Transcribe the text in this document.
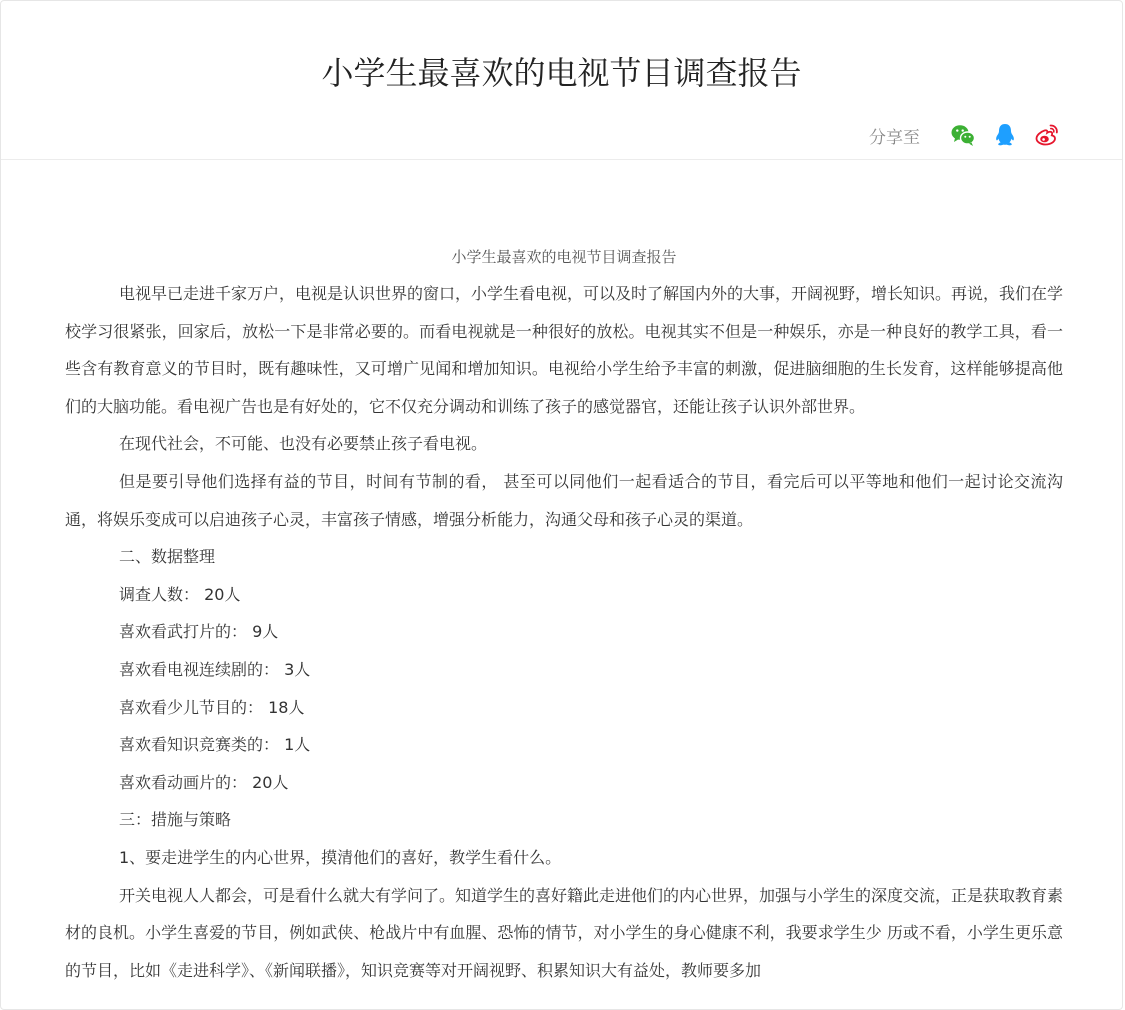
小学生最喜欢的电视节目调查报告
分享至
小学生最喜欢的电视节目调查报告

电视早已走进千家万户，电视是认识世界的窗口，小学生看电视，可以及时了解国内外的大事，开阔视野，增长知识。再说，我们在学校学习很紧张，回家后，放松一下是非常必要的。而看电视就是一种很好的放松。电视其实不但是一种娱乐，亦是一种良好的教学工具，看一些含有教育意义的节目时，既有趣味性，又可增广见闻和增加知识。电视给小学生给予丰富的刺激，促进脑细胞的生长发育，这样能够提高他们的大脑功能。看电视广告也是有好处的，它不仅充分调动和训练了孩子的感觉器官，还能让孩子认识外部世界。

在现代社会，不可能、也没有必要禁止孩子看电视。

但是要引导他们选择有益的节目，时间有节制的看， 甚至可以同他们一起看适合的节目，看完后可以平等地和他们一起讨论交流沟通，将娱乐变成可以启迪孩子心灵，丰富孩子情感，增强分析能力，沟通父母和孩子心灵的渠道。

二、数据整理

调查人数： 20人

喜欢看武打片的： 9人

喜欢看电视连续剧的： 3人

喜欢看少儿节目的： 18人

喜欢看知识竞赛类的： 1人

喜欢看动画片的： 20人

三：措施与策略

1、要走进学生的内心世界，摸清他们的喜好，教学生看什么。

开关电视人人都会，可是看什么就大有学问了。知道学生的喜好籍此走进他们的内心世界，加强与小学生的深度交流，正是获取教育素材的良机。小学生喜爱的节目，例如武侠、枪战片中有血腥、恐怖的情节，对小学生的身心健康不利，我要求学生少 历或不看，小学生更乐意的节目，比如《走进科学》、《新闻联播》，知识竞赛等对开阔视野、积累知识大有益处，教师要多加
